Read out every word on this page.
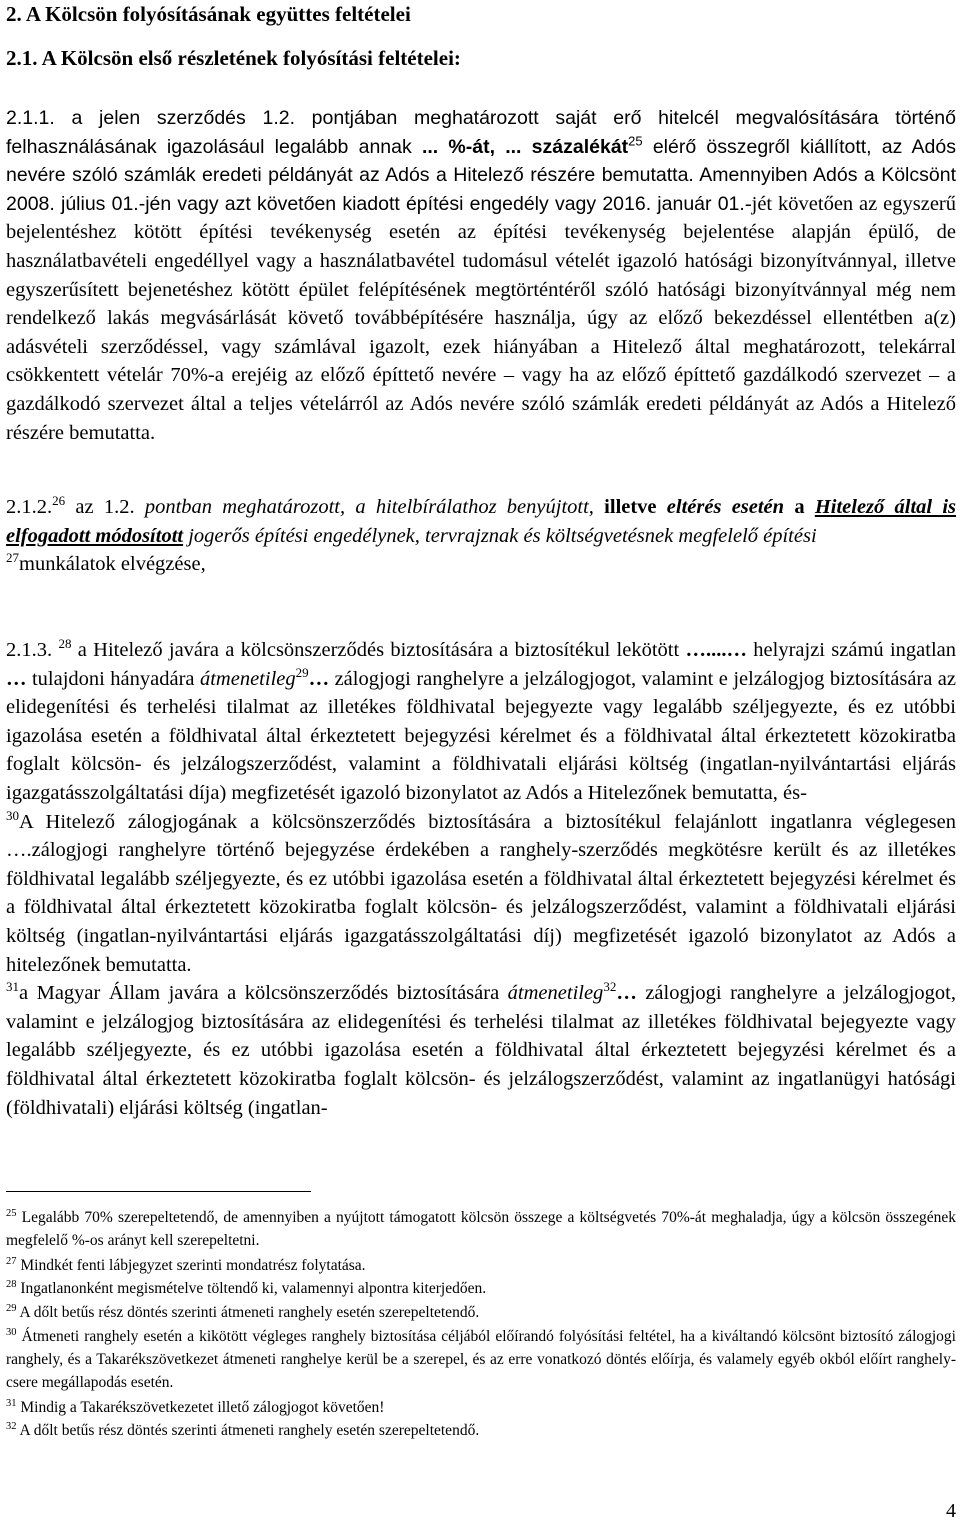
2. A Kölcsön folyósításának együttes feltételei
2.1. A Kölcsön első részletének folyósítási feltételei:
2.1.1. a jelen szerződés 1.2. pontjában meghatározott saját erő hitelcél megvalósítására történő felhasználásának igazolásául legalább annak ... %-át, ... százalékát$^{25}$ elérő összegről kiállított, az Adós nevére szóló számlák eredeti példányát az Adós a Hitelező részére bemutatta. Amennyiben Adós a Kölcsönt 2008. július 01.-jén vagy azt követően kiadott építési engedély vagy 2016. január 01.-jét követően az egyszerű bejelentéshez kötött építési tevékenység esetén az építési tevékenység bejelentése alapján épülő, de használatbavételi engedéllyel vagy a használatbavétel tudomásul vételét igazoló hatósági bizonyítvánnyal, illetve egyszerűsített bejenetéshez kötött épület felépítésének megtörténtéről szóló hatósági bizonyítvánnyal még nem rendelkező lakás megvásárlását követő továbbépítésére használja, úgy az előző bekezdéssel ellentétben a(z) adásvételi szerződéssel, vagy számlával igazolt, ezek hiányában a Hitelező által meghatározott, telekárral csökkentett vételár 70%-a erejéig az előző építtető nevére – vagy ha az előző építtető gazdálkodó szervezet – a gazdálkodó szervezet által a teljes vételárról az Adós nevére szóló számlák eredeti példányát az Adós a Hitelező részére bemutatta.
2.1.2.26 az 1.2. pontban meghatározott, a hitelbírálathoz benyújtott, illetve eltérés esetén a Hitelező által is elfogadott módosított jogerős építési engedélynek, tervrajznak és költségvetésnek megfelelő építési
$^{27}$munkálatok elvégzése,
2.1.3. $^{28}$ a Hitelező javára a kölcsönszerződés biztosítására a biztosítékul lekötött …....… helyrajzi számú ingatlan … tulajdoni hányadára átmenetileg$^{29}$… zálogjogi ranghelyre a jelzálogjogot, valamint e jelzálogjog biztosítására az elidegenítési és terhelési tilalmat az illetékes földhivatal bejegyezte vagy legalább széljegyezte, és ez utóbbi igazolása esetén a földhivatal által érkeztetett bejegyzési kérelmet és a földhivatal által érkeztetett közokiratba foglalt kölcsön- és jelzálogszerződést, valamint a földhivatali eljárási költség (ingatlan-nyilvántartási eljárás igazgatásszolgáltatási díja) megfizetését igazoló bizonylatot az Adós a Hitelezőnek bemutatta, és-
$^{30}$A Hitelező zálogjogának a kölcsönszerződés biztosítására a biztosítékul felajánlott ingatlanra véglegesen ….zálogjogi ranghelyre történő bejegyzése érdekében a ranghely-szerződés megkötésre került és az illetékes földhivatal legalább széljegyezte, és ez utóbbi igazolása esetén a földhivatal által érkeztetett bejegyzési kérelmet és a földhivatal által érkeztetett közokiratba foglalt kölcsön- és jelzálogszerződést, valamint a földhivatali eljárási költség (ingatlan-nyilvántartási eljárás igazgatásszolgáltatási díj) megfizetését igazoló bizonylatot az Adós a hitelezőnek bemutatta.
$^{31}$a Magyar Állam javára a kölcsönszerződés biztosítására átmenetileg$^{32}$… zálogjogi ranghelyre a jelzálogjogot, valamint e jelzálogjog biztosítására az elidegenítési és terhelési tilalmat az illetékes földhivatal bejegyezte vagy legalább széljegyezte, és ez utóbbi igazolása esetén a földhivatal által érkeztetett bejegyzési kérelmet és a földhivatal által érkeztetett közokiratba foglalt kölcsön- és jelzálogszerződést, valamint az ingatlanügyi hatósági (földhivatali) eljárási költség (ingatlan-
$^{25}$ Legalább 70% szerepeltetendő, de amennyiben a nyújtott támogatott kölcsön összege a költségvetés 70%-át meghaladja, úgy a kölcsön összegének megfelelő %-os arányt kell szerepeltetni.
$^{27}$ Mindkét fenti lábjegyzet szerinti mondatrész folytatása.
$^{28}$ Ingatlanonként megismételve töltendő ki, valamennyi alpontra kiterjedően.
$^{29}$ A dőlt betűs rész döntés szerinti átmeneti ranghely esetén szerepeltetendő.
$^{30}$ Átmeneti ranghely esetén a kikötött végleges ranghely biztosítása céljából előírandó folyósítási feltétel, ha a kiváltandó kölcsönt biztosító zálogjogi ranghely, és a Takarékszövetkezet átmeneti ranghelye kerül be a szerepel, és az erre vonatkozó döntés előírja, és valamely egyéb okból előírt ranghely-csere megállapodás esetén.
$^{31}$ Mindig a Takarékszövetkezetet illető zálogjogot követően!
$^{32}$ A dőlt betűs rész döntés szerinti átmeneti ranghely esetén szerepeltetendő.
4
